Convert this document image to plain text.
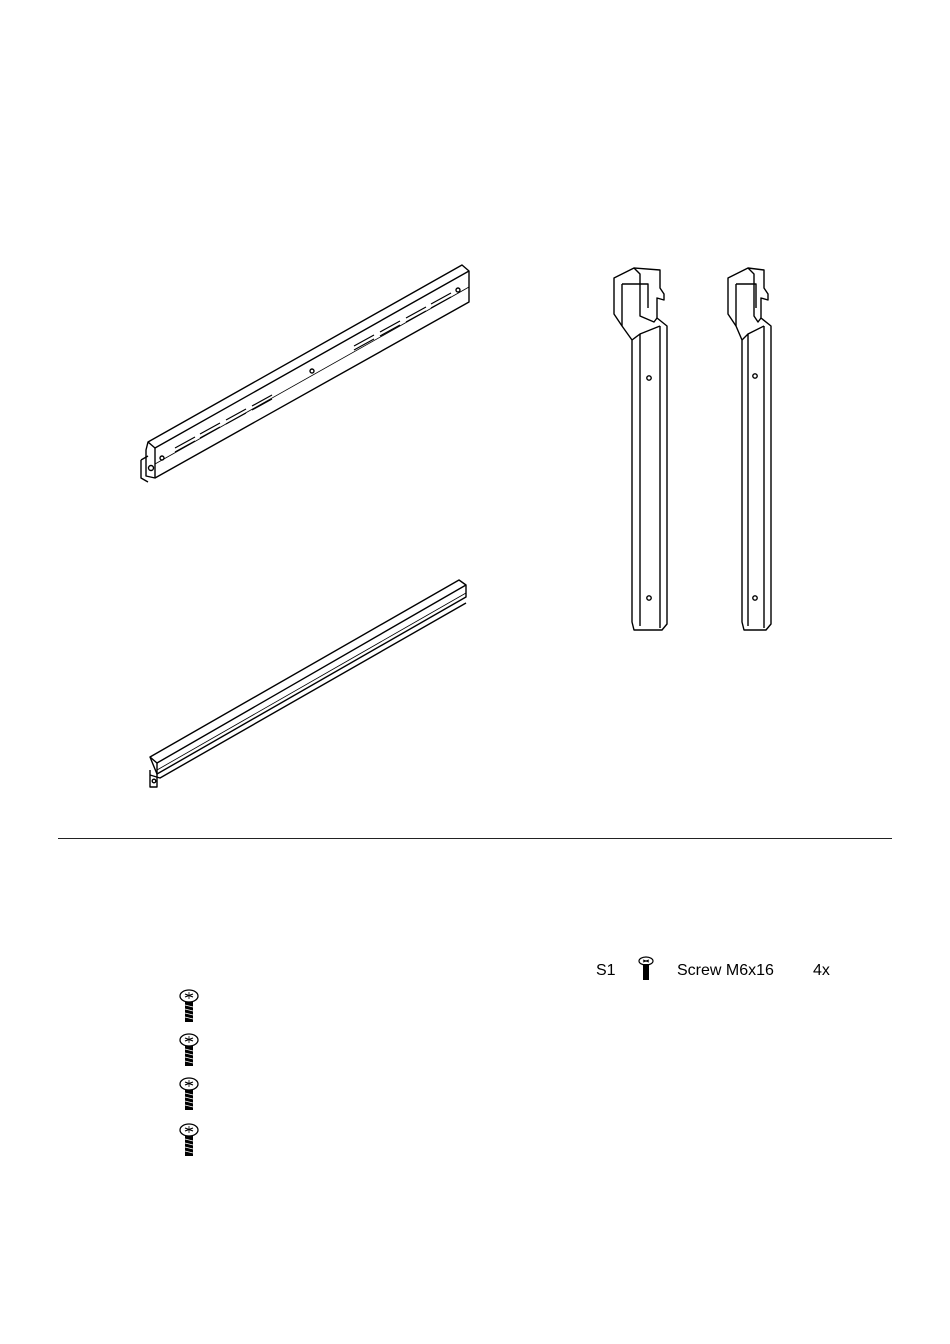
S1	Screw M6x16 4x
